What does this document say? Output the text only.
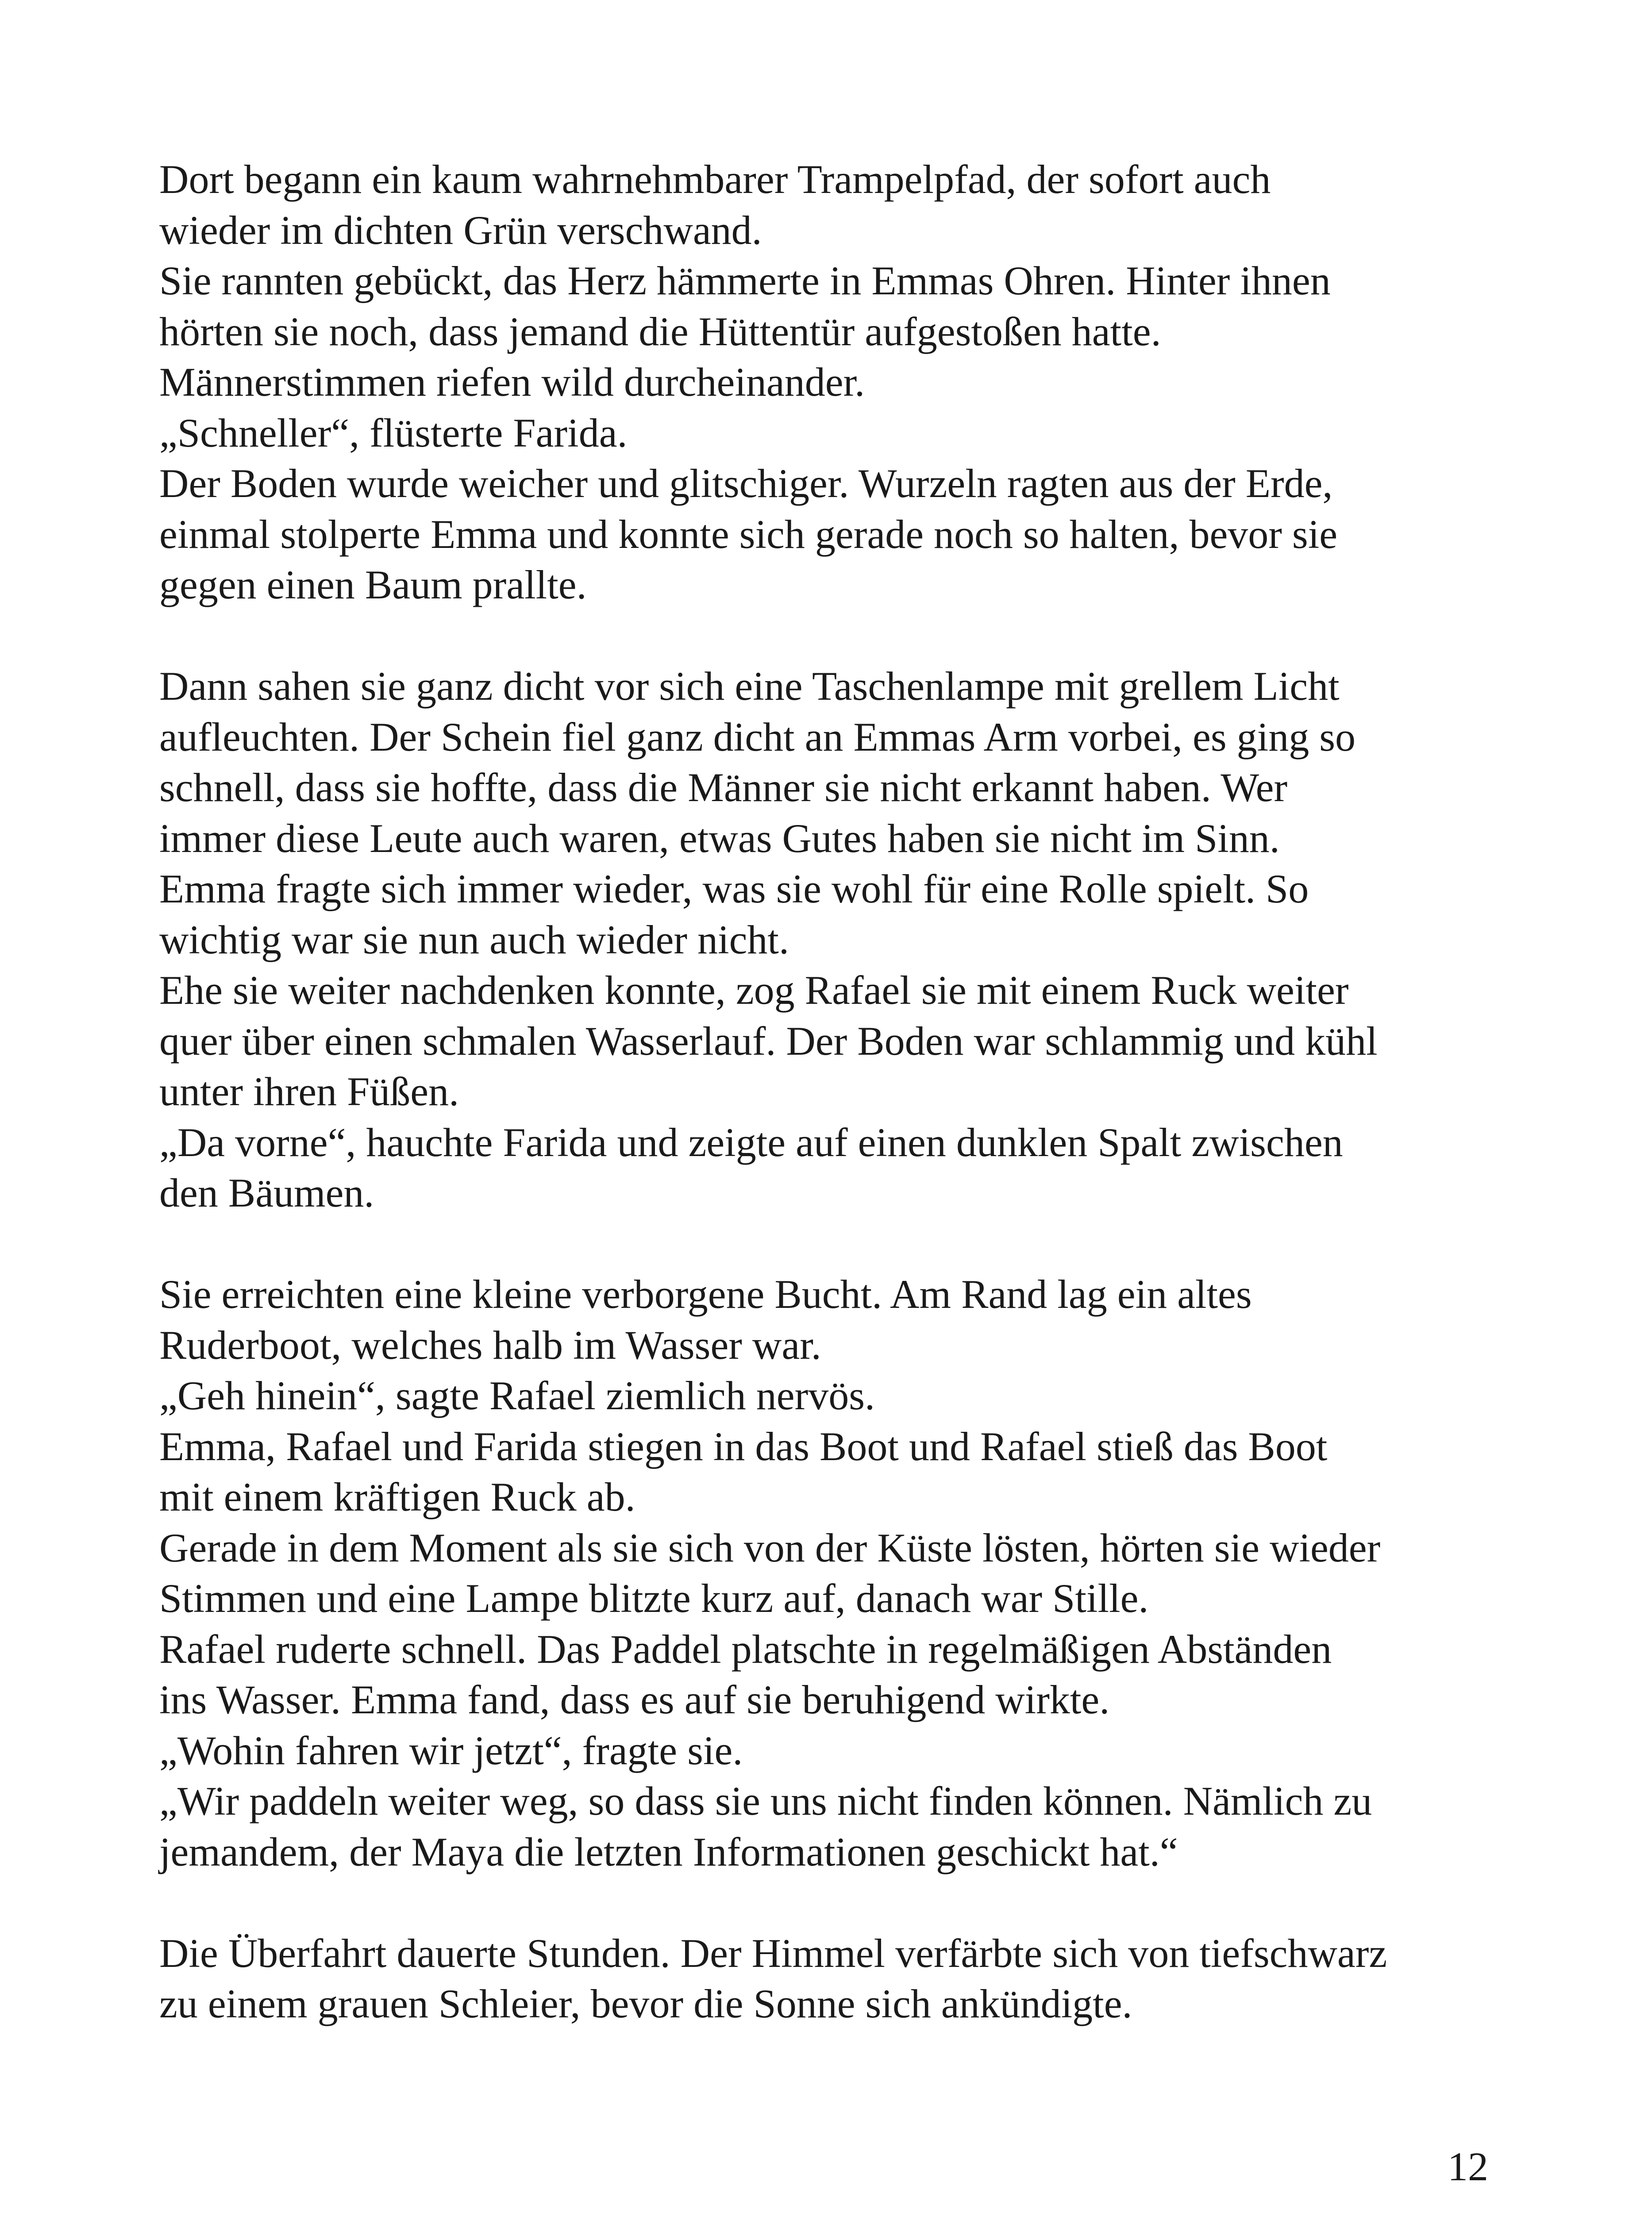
Dort begann ein kaum wahrnehmbarer Trampelpfad, der sofort auch
wieder im dichten Grün verschwand.
Sie rannten gebückt, das Herz hämmerte in Emmas Ohren. Hinter ihnen
hörten sie noch, dass jemand die Hüttentür aufgestoßen hatte.
Männerstimmen riefen wild durcheinander.
„Schneller“, flüsterte Farida.
Der Boden wurde weicher und glitschiger. Wurzeln ragten aus der Erde,
einmal stolperte Emma und konnte sich gerade noch so halten, bevor sie
gegen einen Baum prallte.
Dann sahen sie ganz dicht vor sich eine Taschenlampe mit grellem Licht
aufleuchten. Der Schein fiel ganz dicht an Emmas Arm vorbei, es ging so
schnell, dass sie hoffte, dass die Männer sie nicht erkannt haben. Wer
immer diese Leute auch waren, etwas Gutes haben sie nicht im Sinn.
Emma fragte sich immer wieder, was sie wohl für eine Rolle spielt. So
wichtig war sie nun auch wieder nicht.
Ehe sie weiter nachdenken konnte, zog Rafael sie mit einem Ruck weiter
quer über einen schmalen Wasserlauf. Der Boden war schlammig und kühl
unter ihren Füßen.
„Da vorne“, hauchte Farida und zeigte auf einen dunklen Spalt zwischen
den Bäumen.
Sie erreichten eine kleine verborgene Bucht. Am Rand lag ein altes
Ruderboot, welches halb im Wasser war.
„Geh hinein“, sagte Rafael ziemlich nervös.
Emma, Rafael und Farida stiegen in das Boot und Rafael stieß das Boot
mit einem kräftigen Ruck ab.
Gerade in dem Moment als sie sich von der Küste lösten, hörten sie wieder
Stimmen und eine Lampe blitzte kurz auf, danach war Stille.
Rafael ruderte schnell. Das Paddel platschte in regelmäßigen Abständen
ins Wasser. Emma fand, dass es auf sie beruhigend wirkte.
„Wohin fahren wir jetzt“, fragte sie.
„Wir paddeln weiter weg, so dass sie uns nicht finden können. Nämlich zu
jemandem, der Maya die letzten Informationen geschickt hat.“
Die Überfahrt dauerte Stunden. Der Himmel verfärbte sich von tiefschwarz
zu einem grauen Schleier, bevor die Sonne sich ankündigte.
12
